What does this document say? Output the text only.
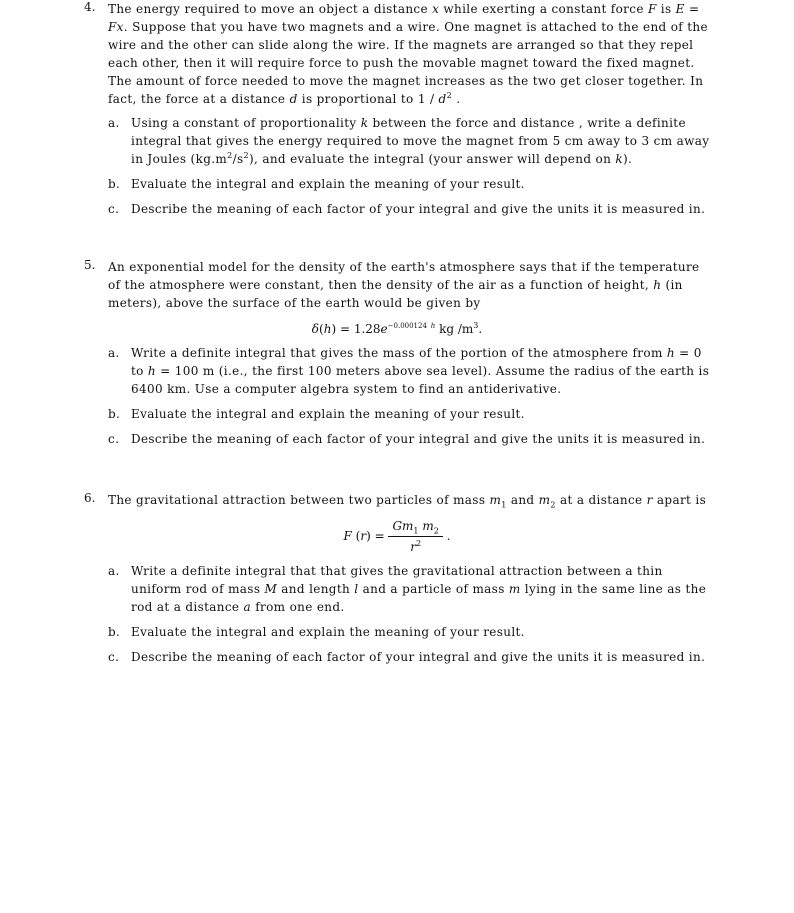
4.	The energy required to move an object a distance x while exerting a constant force F is E = Fx. Suppose that you have two magnets and a wire. One magnet is attached to the end of the wire and the other can slide along the wire. If the magnets are arranged so that they repel each other, then it will require force to push the movable magnet toward the fixed magnet. The amount of force needed to move the magnet increases as the two get closer together. In fact, the force at a distance d is proportional to $1 / d^2$ .
a. Using a constant of proportionality k between the force and distance , write a definite integral that gives the energy required to move the magnet from 5 cm away to 3 cm away in Joules $(kg.m^2/s^2)$, and evaluate the integral (your answer will depend on k).
b. Evaluate the integral and explain the meaning of your result.
c. Describe the meaning of each factor of your integral and give the units it is measured in.
5.	An exponential model for the density of the earth's atmosphere says that if the temperature of the atmosphere were constant, then the density of the air as a function of height, h (in meters), above the surface of the earth would be given by
$\delta(h) = 1.28e^{-0.000124}$ $^h$ kg $/m^3$.
a. Write a definite integral that gives the mass of the portion of the atmosphere from h = 0 to h = 100 m (i.e., the first 100 meters above sea level). Assume the radius of the earth is 6400 km. Use a computer algebra system to find an antiderivative.
b. Evaluate the integral and explain the meaning of your result.
c. Describe the meaning of each factor of your integral and give the units it is measured in.
6.	The gravitational attraction between two particles of mass $m_1$ and $m_2$ at a distance r apart is
F $(r) = \frac{Gm_1 m_2}{r^2}$ .
a. Write a definite integral that that gives the gravitational attraction between a thin uniform rod of mass M and length l and a particle of mass m lying in the same line as the rod at a distance a from one end.
b. Evaluate the integral and explain the meaning of your result.
c. Describe the meaning of each factor of your integral and give the units it is measured in.
